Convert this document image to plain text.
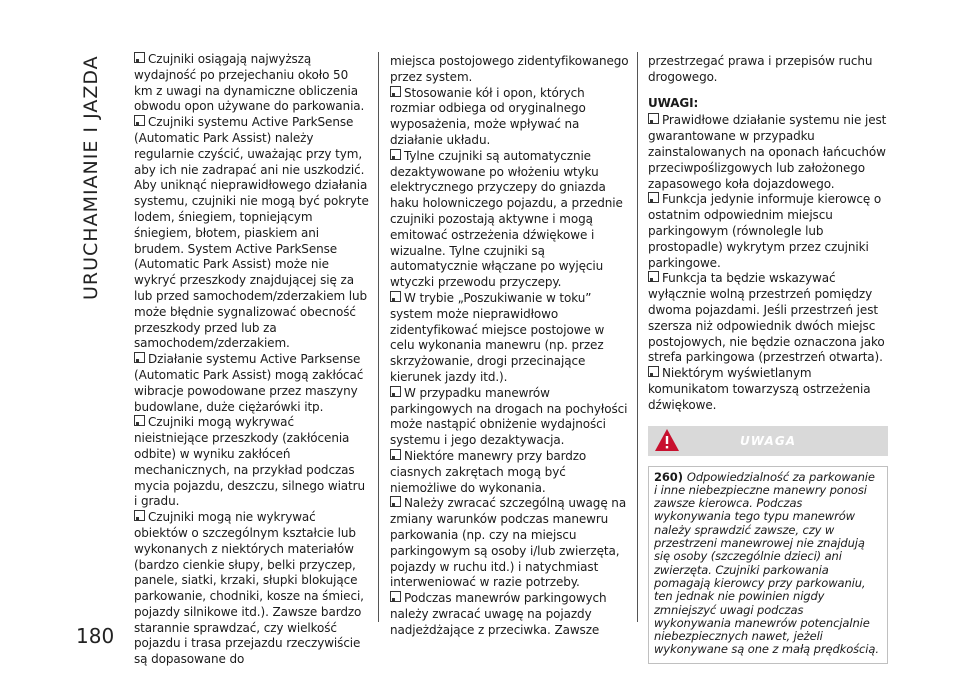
URUCHAMIANIE I JAZDA
180

Czujniki osiągają najwyższą wydajność po przejechaniu około 50 km z uwagi na dynamiczne obliczenia obwodu opon używane do parkowania.

Czujniki systemu Active ParkSense (Automatic Park Assist) należy regularnie czyścić, uważając przy tym, aby ich nie zadrapać ani nie uszkodzić. Aby uniknąć nieprawidłowego działania systemu, czujniki nie mogą być pokryte lodem, śniegiem, topniejącym śniegiem, błotem, piaskiem ani brudem. System Active ParkSense (Automatic Park Assist) może nie wykryć przeszkody znajdującej się za lub przed samochodem/zderzakiem lub może błędnie sygnalizować obecność przeszkody przed lub za samochodem/zderzakiem.

Działanie systemu Active Parksense (Automatic Park Assist) mogą zakłócać wibracje powodowane przez maszyny budowlane, duże ciężarówki itp.

Czujniki mogą wykrywać nieistniejące przeszkody (zakłócenia odbite) w wyniku zakłóceń mechanicznych, na przykład podczas mycia pojazdu, deszczu, silnego wiatru i gradu.

Czujniki mogą nie wykrywać obiektów o szczególnym kształcie lub wykonanych z niektórych materiałów (bardzo cienkie słupy, belki przyczep, panele, siatki, krzaki, słupki blokujące parkowanie, chodniki, kosze na śmieci, pojazdy silnikowe itd.). Zawsze bardzo starannie sprawdzać, czy wielkość pojazdu i trasa przejazdu rzeczywiście są dopasowane do

miejsca postojowego zidentyfikowanego przez system.

Stosowanie kół i opon, których rozmiar odbiega od oryginalnego wyposażenia, może wpływać na działanie układu.

Tylne czujniki są automatycznie dezaktywowane po włożeniu wtyku elektrycznego przyczepy do gniazda haku holowniczego pojazdu, a przednie czujniki pozostają aktywne i mogą emitować ostrzeżenia dźwiękowe i wizualne. Tylne czujniki są automatycznie włączane po wyjęciu wtyczki przewodu przyczepy.

W trybie „Poszukiwanie w toku” system może nieprawidłowo zidentyfikować miejsce postojowe w celu wykonania manewru (np. przez skrzyżowanie, drogi przecinające kierunek jazdy itd.).

W przypadku manewrów parkingowych na drogach na pochyłości może nastąpić obniżenie wydajności systemu i jego dezaktywacja.

Niektóre manewry przy bardzo ciasnych zakrętach mogą być niemożliwe do wykonania.

Należy zwracać szczególną uwagę na zmiany warunków podczas manewru parkowania (np. czy na miejscu parkingowym są osoby i/lub zwierzęta, pojazdy w ruchu itd.) i natychmiast interweniować w razie potrzeby.

Podczas manewrów parkingowych należy zwracać uwagę na pojazdy nadjeżdżające z przeciwka. Zawsze

przestrzegać prawa i przepisów ruchu drogowego.

UWAGI:

Prawidłowe działanie systemu nie jest gwarantowane w przypadku zainstalowanych na oponach łańcuchów przeciwpoślizgowych lub założonego zapasowego koła dojazdowego.

Funkcja jedynie informuje kierowcę o ostatnim odpowiednim miejscu parkingowym (równolegle lub prostopadle) wykrytym przez czujniki parkingowe.

Funkcja ta będzie wskazywać wyłącznie wolną przestrzeń pomiędzy dwoma pojazdami. Jeśli przestrzeń jest szersza niż odpowiednik dwóch miejsc postojowych, nie będzie oznaczona jako strefa parkingowa (przestrzeń otwarta).

Niektórym wyświetlanym komunikatom towarzyszą ostrzeżenia dźwiękowe.

UWAGA
260) Odpowiedzialność za parkowanie i inne niebezpieczne manewry ponosi zawsze kierowca. Podczas wykonywania tego typu manewrów należy sprawdzić zawsze, czy w przestrzeni manewrowej nie znajdują się osoby (szczególnie dzieci) ani zwierzęta. Czujniki parkowania pomagają kierowcy przy parkowaniu, ten jednak nie powinien nigdy zmniejszyć uwagi podczas wykonywania manewrów potencjalnie niebezpiecznych nawet, jeżeli wykonywane są one z małą prędkością.
